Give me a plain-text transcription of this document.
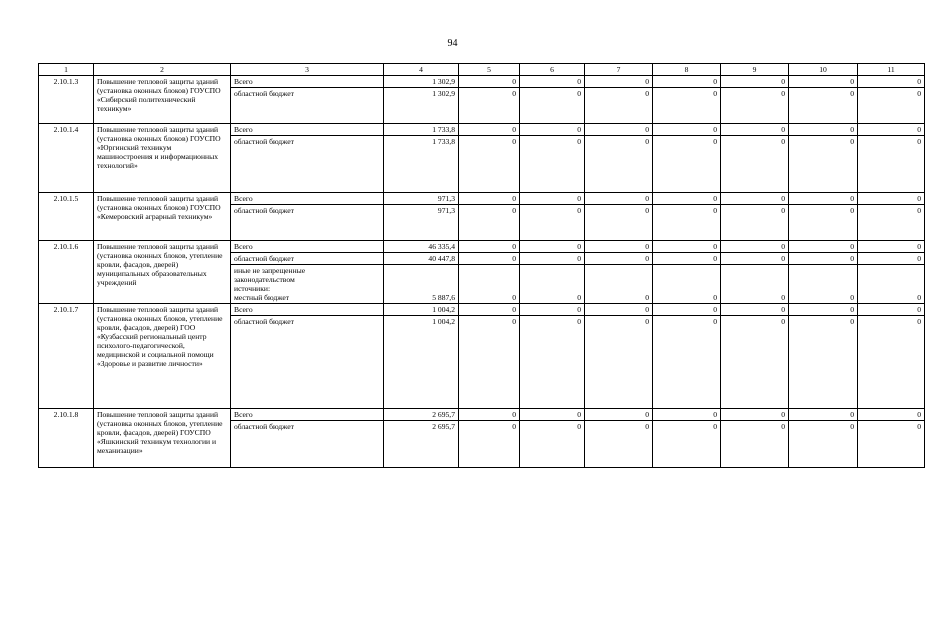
94
1	2	3	4	5	6	7	8	9	10	11
2.10.1.3	Повышение тепловой защиты зданий (установка оконных блоков) ГОУСПО «Сибирский политехнический техникум»	Всего	1 302,9	0	0	0	0	0	0	0
		областной бюджет	1 302,9	0	0	0	0	0	0	0
2.10.1.4	Повышение тепловой защиты зданий (установка оконных блоков) ГОУСПО «Юргинский техникум машиностроения и информационных технологий»	Всего	1 733,8	0	0	0	0	0	0	0
		областной бюджет	1 733,8	0	0	0	0	0	0	0
2.10.1.5	Повышение тепловой защиты зданий (установка оконных блоков) ГОУСПО «Кемеровский аграрный техникум»	Всего	971,3	0	0	0	0	0	0	0
		областной бюджет	971,3	0	0	0	0	0	0	0
2.10.1.6	Повышение тепловой защиты зданий (установка оконных блоков, утепление кровли, фасадов, дверей) муниципальных образовательных учреждений	Всего	46 335,4	0	0	0	0	0	0	0
		областной бюджет	40 447,8	0	0	0	0	0	0	0

		иные не запрещенные
законодательством
источники:
местный бюджет	5 887,6	0	0	0	0	0	0	0
2.10.1.7	Повышение тепловой защиты зданий (установка оконных блоков, утепление кровли, фасадов, дверей) ГОО «Кузбасский региональный центр психолого-педагогической, медицинской и социальной помощи «Здоровье и развитие личности»	Всего	1 004,2	0	0	0	0	0	0	0
		областной бюджет	1 004,2	0	0	0	0	0	0	0
2.10.1.8	Повышение тепловой защиты зданий (установка оконных блоков, утепление кровли, фасадов, дверей) ГОУСПО «Яшкинский техникум технологии и механизации»	Всего	2 695,7	0	0	0	0	0	0	0
		областной бюджет	2 695,7	0	0	0	0	0	0	0
